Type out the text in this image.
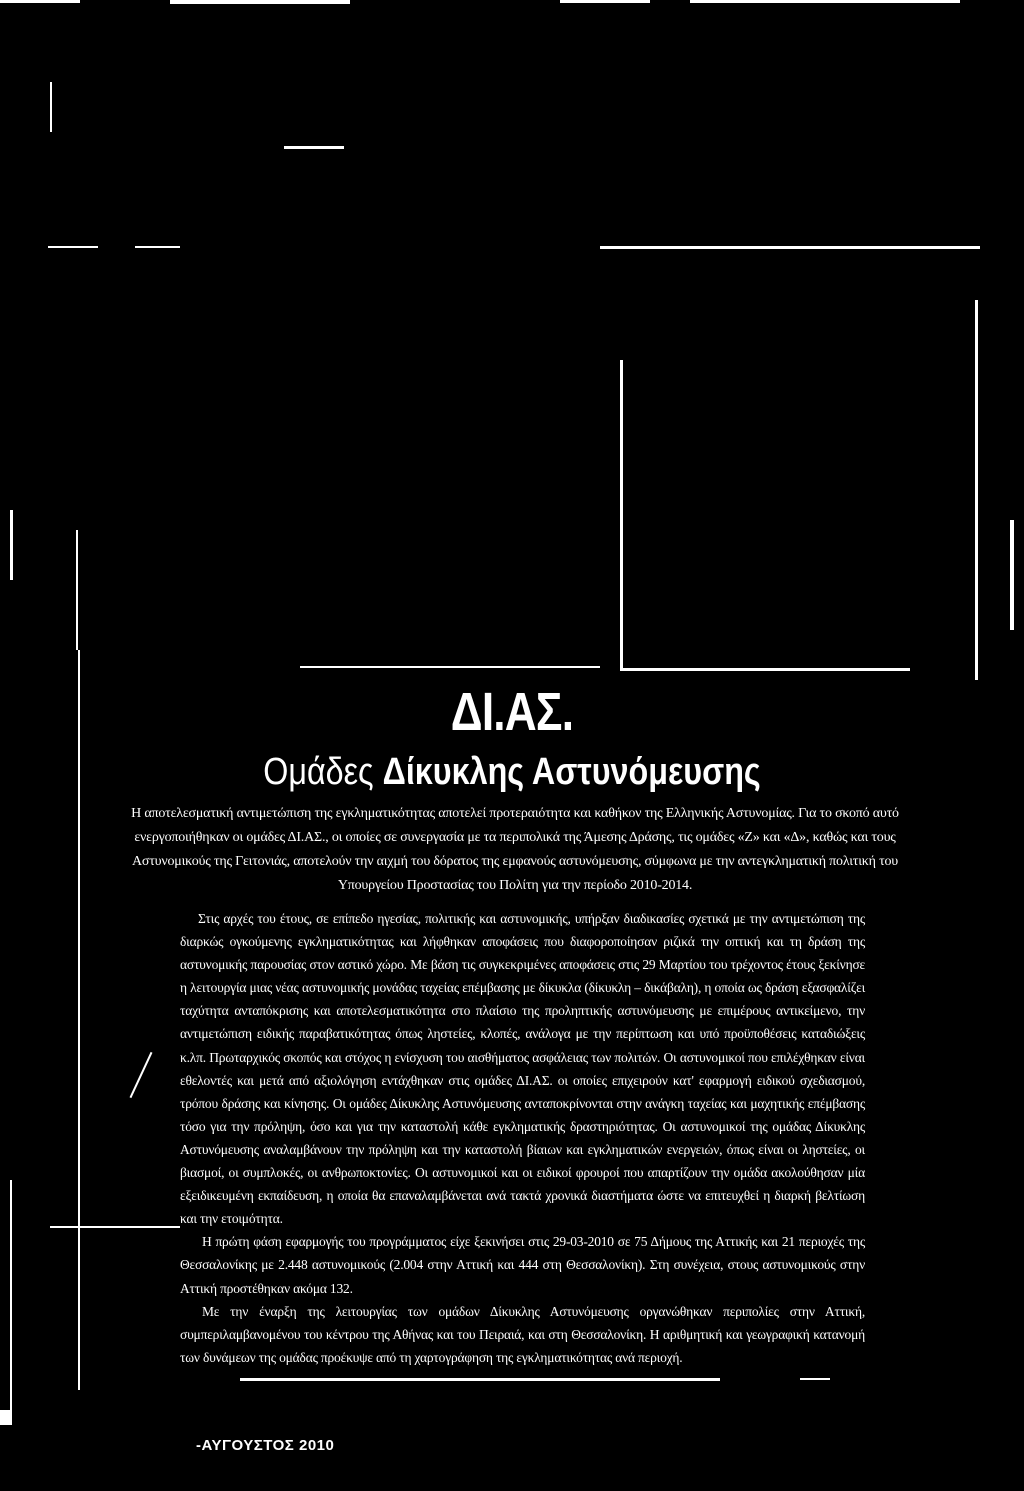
ΔΙ.ΑΣ.
Ομάδες Δίκυκλης Αστυνόμευσης
Η αποτελεσματική αντιμετώπιση της εγκληματικότητας αποτελεί προτεραιότητα και καθήκον της Ελληνικής Αστυνομίας. Για το σκοπό αυτό ενεργοποιήθηκαν οι ομάδες ΔΙ.ΑΣ., οι οποίες σε συνεργασία με τα περιπολικά της Άμεσης Δράσης, τις ομάδες «Ζ» και «Δ», καθώς και τους Αστυνομικούς της Γειτονιάς, αποτελούν την αιχμή του δόρατος της εμφανούς αστυνόμευσης, σύμφωνα με την αντεγκληματική πολιτική του Υπουργείου Προστασίας του Πολίτη για την περίοδο 2010-2014.

Στις αρχές του έτους, σε επίπεδο ηγεσίας, πολιτικής και αστυνομικής, υπήρξαν διαδικασίες σχετικά με την αντιμετώπιση της διαρκώς ογκούμενης εγκληματικότητας και λήφθηκαν αποφάσεις που διαφοροποίησαν ριζικά την οπτική και τη δράση της αστυνομικής παρουσίας στον αστικό χώρο. Με βάση τις συγκεκριμένες αποφάσεις στις 29 Μαρτίου του τρέχοντος έτους ξεκίνησε η λειτουργία μιας νέας αστυνομικής μονάδας ταχείας επέμβασης με δίκυκλα (δίκυκλη – δικάβαλη), η οποία ως δράση εξασφαλίζει ταχύτητα ανταπόκρισης και αποτελεσματικότητα στο πλαίσιο της προληπτικής αστυνόμευσης με επιμέρους αντικείμενο, την αντιμετώπιση ειδικής παραβατικότητας όπως ληστείες, κλοπές, ανάλογα με την περίπτωση και υπό προϋποθέσεις καταδιώξεις κ.λπ. Πρωταρχικός σκοπός και στόχος η ενίσχυση του αισθήματος ασφάλειας των πολιτών. Οι αστυνομικοί που επιλέχθηκαν είναι εθελοντές και μετά από αξιολόγηση εντάχθηκαν στις ομάδες ΔΙ.ΑΣ. οι οποίες επιχειρούν κατ' εφαρμογή ειδικού σχεδιασμού, τρόπου δράσης και κίνησης. Οι ομάδες Δίκυκλης Αστυνόμευσης ανταποκρίνονται στην ανάγκη ταχείας και μαχητικής επέμβασης τόσο για την πρόληψη, όσο και για την καταστολή κάθε εγκληματικής δραστηριότητας. Οι αστυνομικοί της ομάδας Δίκυκλης Αστυνόμευσης αναλαμβάνουν την πρόληψη και την καταστολή βίαιων και εγκληματικών ενεργειών, όπως είναι οι ληστείες, οι βιασμοί, οι συμπλοκές, οι ανθρωποκτονίες. Οι αστυνομικοί και οι ειδικοί φρουροί που απαρτίζουν την ομάδα ακολούθησαν μία εξειδικευμένη εκπαίδευση, η οποία θα επαναλαμβάνεται ανά τακτά χρονικά διαστήματα ώστε να επιτευχθεί η διαρκή βελτίωση και την ετοιμότητα.

Η πρώτη φάση εφαρμογής του προγράμματος είχε ξεκινήσει στις 29-03-2010 σε 75 Δήμους της Αττικής και 21 περιοχές της Θεσσαλονίκης με 2.448 αστυνομικούς (2.004 στην Αττική και 444 στη Θεσσαλονίκη). Στη συνέχεια, στους αστυνομικούς στην Αττική προστέθηκαν ακόμα 132.

Με την έναρξη της λειτουργίας των ομάδων Δίκυκλης Αστυνόμευσης οργανώθηκαν περιπολίες στην Αττική, συμπεριλαμβανομένου του κέντρου της Αθήνας και του Πειραιά, και στη Θεσσαλονίκη. Η αριθμητική και γεωγραφική κατανομή των δυνάμεων της ομάδας προέκυψε από τη χαρτογράφηση της εγκληματικότητας ανά περιοχή.

-ΑΥΓΟΥΣΤΟΣ 2010
